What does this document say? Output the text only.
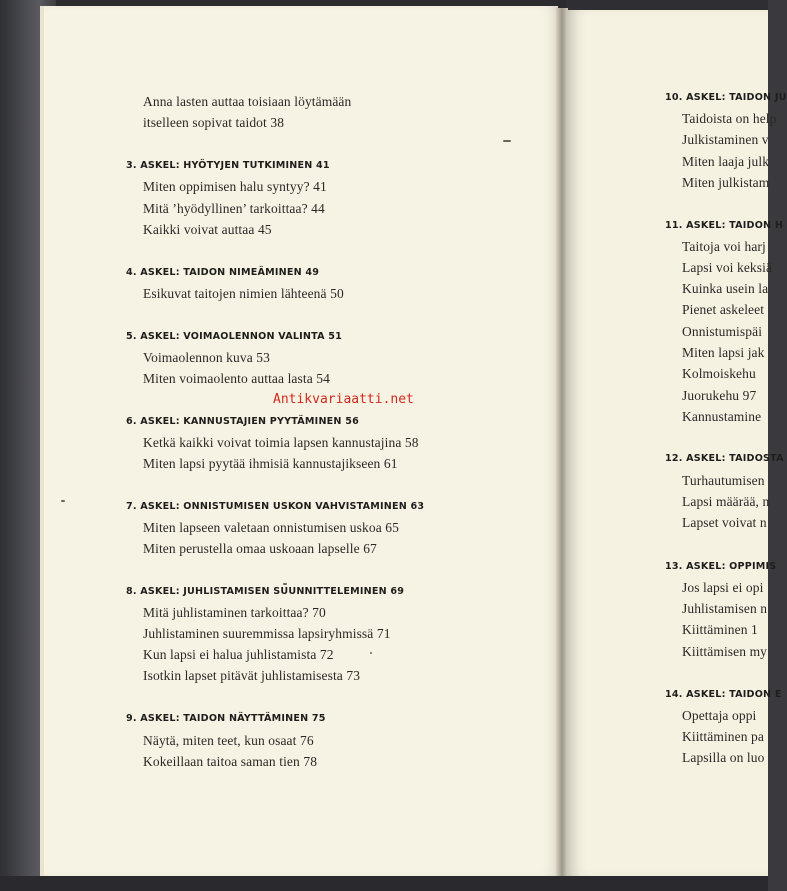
Anna lasten auttaa toisiaan löytämään
itselleen sopivat taidot 38
3. ASKEL: HYÖTYJEN TUTKIMINEN 41
Miten oppimisen halu syntyy? 41
Mitä ’hyödyllinen’ tarkoittaa? 44
Kaikki voivat auttaa 45
4. ASKEL: TAIDON NIMEÄMINEN 49
Esikuvat taitojen nimien lähteenä 50
5. ASKEL: VOIMAOLENNON VALINTA 51
Voimaolennon kuva 53
Miten voimaolento auttaa lasta 54
6. ASKEL: KANNUSTAJIEN PYYTÄMINEN 56
Ketkä kaikki voivat toimia lapsen kannustajina 58
Miten lapsi pyytää ihmisiä kannustajikseen 61
7. ASKEL: ONNISTUMISEN USKON VAHVISTAMINEN 63
Miten lapseen valetaan onnistumisen uskoa 65
Miten perustella omaa uskoaan lapselle 67
8. ASKEL: JUHLISTAMISEN SUUNNITTELEMINEN 69
Mitä juhlistaminen tarkoittaa? 70
Juhlistaminen suuremmissa lapsiryhmissä 71
Kun lapsi ei halua juhlistamista 72
Isotkin lapset pitävät juhlistamisesta 73
9. ASKEL: TAIDON NÄYTTÄMINEN 75
Näytä, miten teet, kun osaat 76
Kokeillaan taitoa saman tien 78
10. ASKEL: TAIDON JU
Taidoista on help
Julkistaminen v
Miten laaja julk
Miten julkistam
11. ASKEL: TAIDON H
Taitoja voi harj
Lapsi voi keksiä
Kuinka usein la
Pienet askeleet
Onnistumispäi
Miten lapsi jak
Kolmoiskehu
Juorukehu 97
Kannustamine
12. ASKEL: TAIDOSTA
Turhautumisen
Lapsi määrää, n
Lapset voivat n
13. ASKEL: OPPIMIS
Jos lapsi ei opi
Juhlistamisen n
Kiittäminen 1
Kiittämisen my
14. ASKEL: TAIDON E
Opettaja oppi
Kiittäminen pa
Lapsilla on luo
Antikvariaatti.net
